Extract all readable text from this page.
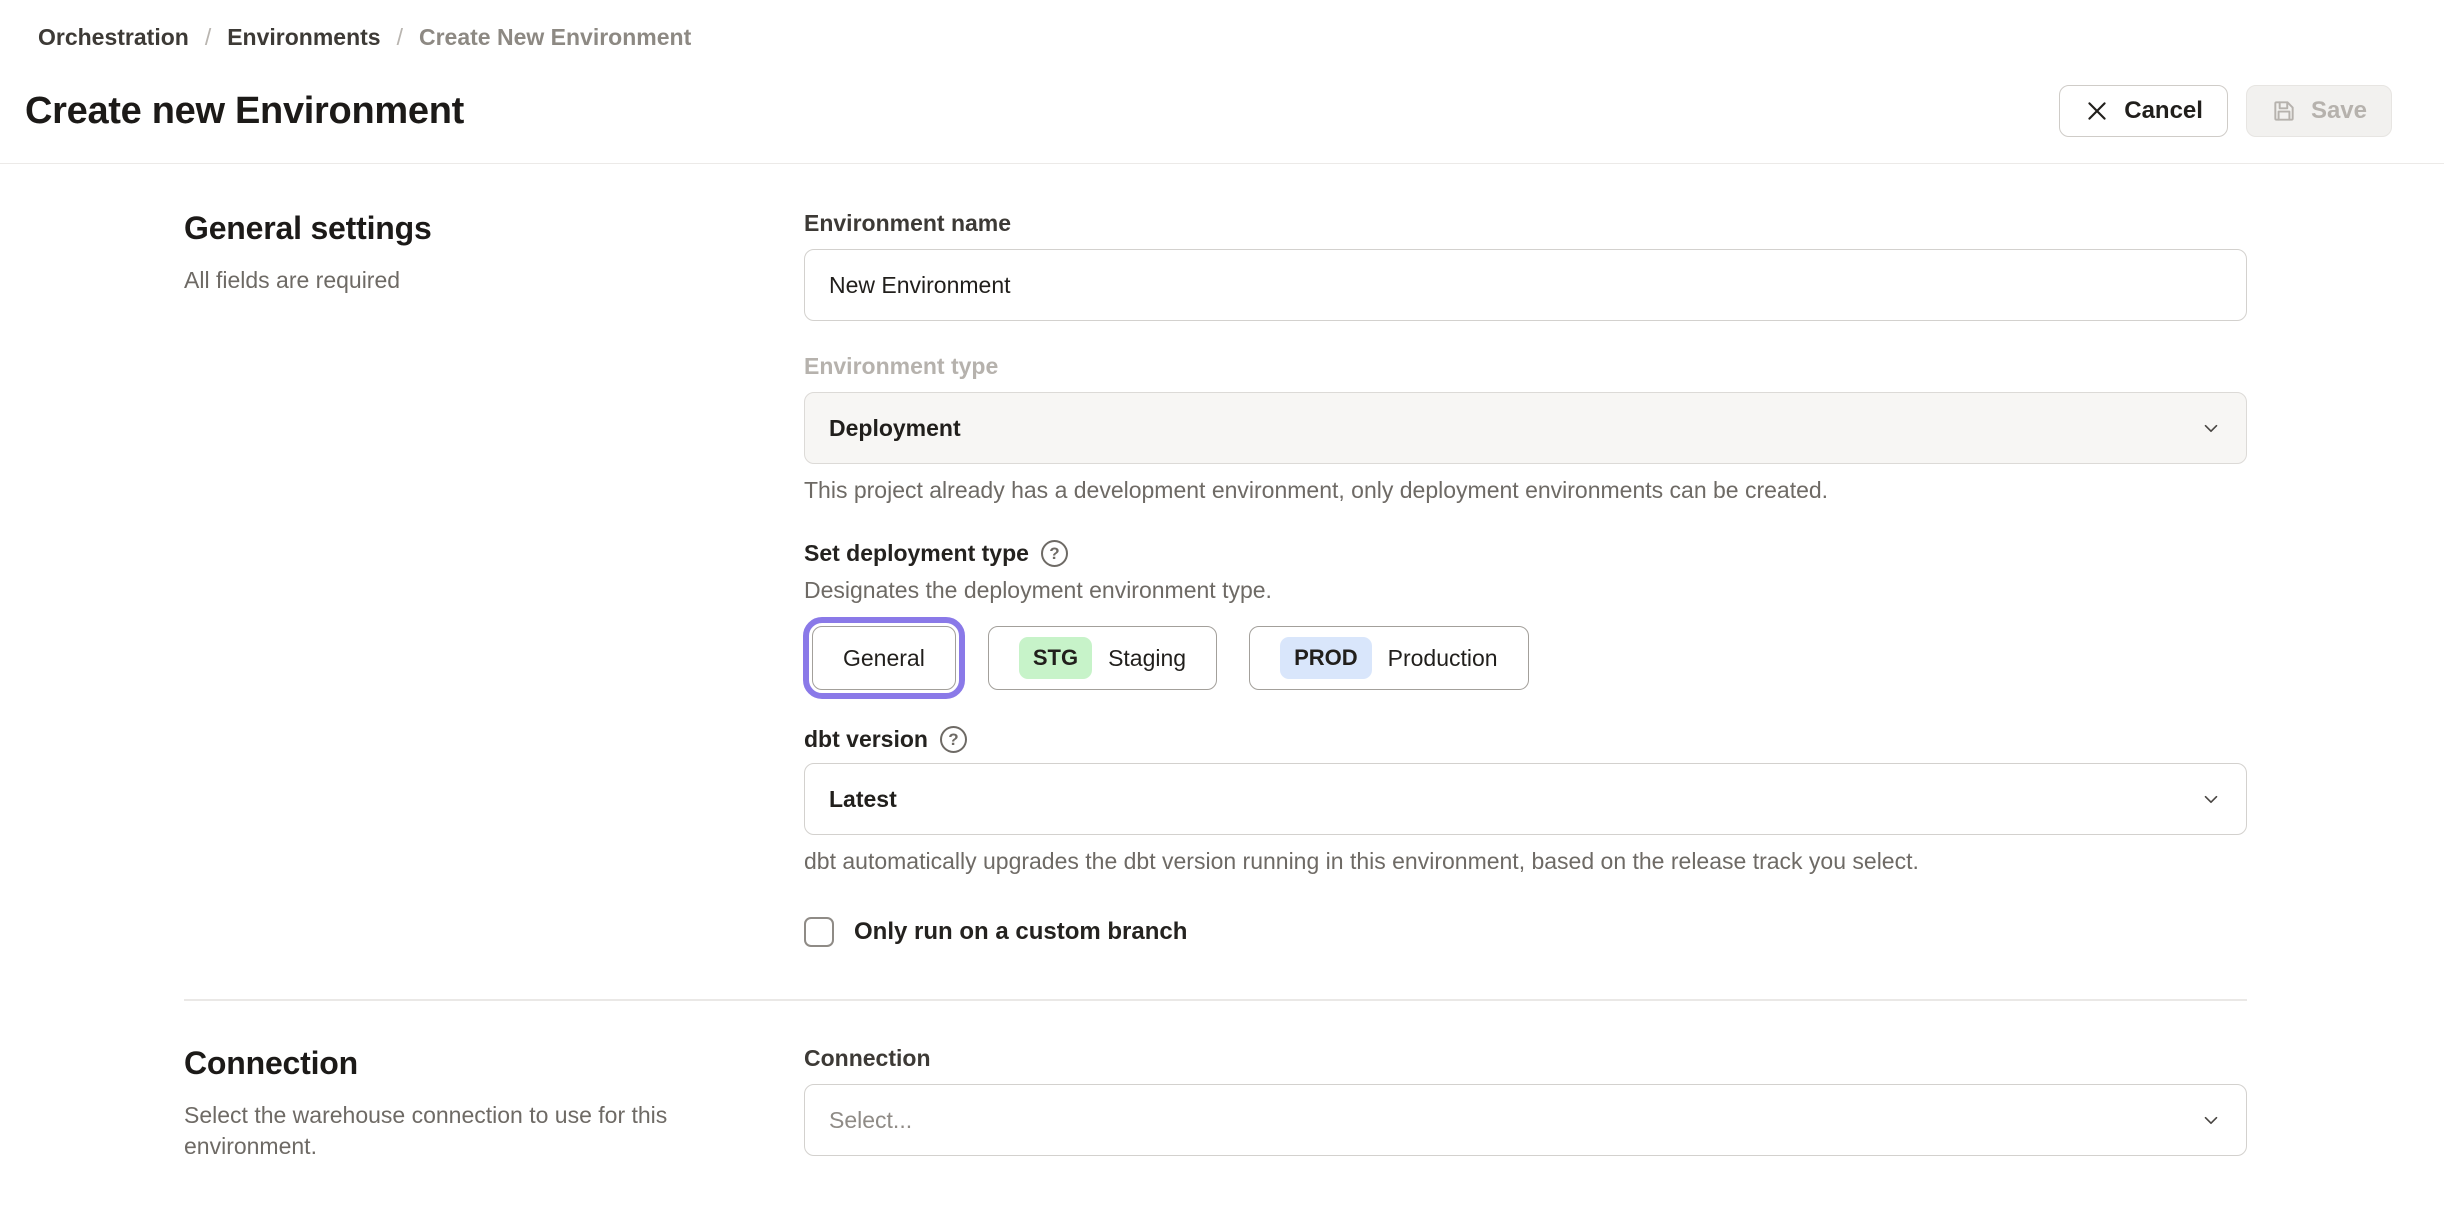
Orchestration / Environments / Create New Environment
Create new Environment	Cancel	Save
General settings

All fields are required

Environment name
New Environment
Environment type
Deployment

This project already has a development environment, only deployment environments can be created.

Set deployment type	?

Designates the deployment environment type.

General	STG	Staging	PROD	Production
dbt version	?
Latest

dbt automatically upgrades the dbt version running in this environment, based on the release track you select.

Only run on a custom branch
Connection

Select the warehouse connection to use for this environment.

Connection
Select...
